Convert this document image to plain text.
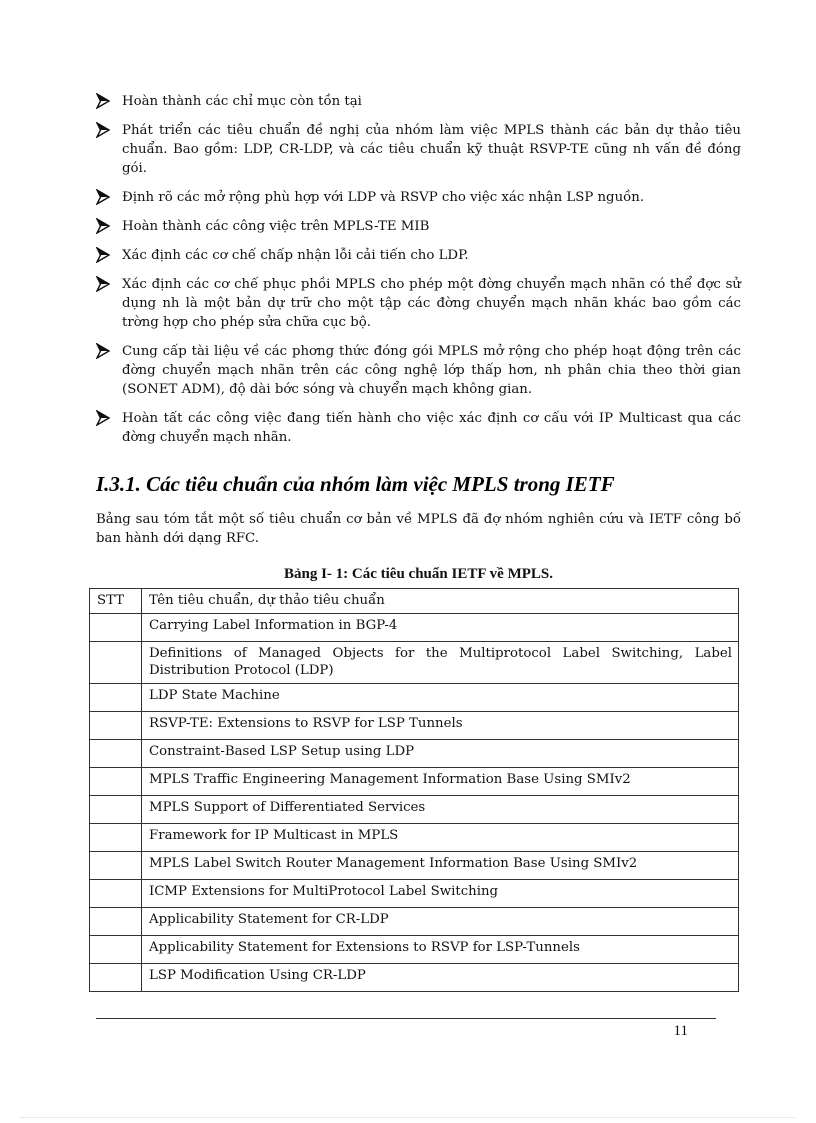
Hoàn thành các chỉ mục còn tồn tại
Phát triển các tiêu chuẩn đề nghị của nhóm làm việc MPLS thành các bản dự thảo tiêu chuẩn. Bao gồm: LDP, CR-LDP, và các tiêu chuẩn kỹ thuật RSVP-TE cũng nh vấn đề đóng gói.
Định rõ các mở rộng phù hợp với LDP và RSVP cho việc xác nhận LSP nguồn.
Hoàn thành các công việc trên MPLS-TE MIB
Xác định các cơ chế chấp nhận lỗi cải tiến cho LDP.
Xác định các cơ chế phục phồi MPLS cho phép một đờng chuyển mạch nhãn có thể đợc sử dụng nh là một bản dự trữ cho một tập các đờng chuyển mạch nhãn khác bao gồm các trờng hợp cho phép sửa chữa cục bộ.
Cung cấp tài liệu về các phơng thức đóng gói MPLS mở rộng cho phép hoạt động trên các đờng chuyển mạch nhãn trên các công nghệ lớp thấp hơn, nh phân chia theo thời gian (SONET ADM), độ dài bớc sóng và chuyển mạch không gian.
Hoàn tất các công việc đang tiến hành cho việc xác định cơ cấu với IP Multicast qua các đờng chuyển mạch nhãn.
I.3.1. Các tiêu chuẩn của nhóm làm việc MPLS trong IETF

Bảng sau tóm tắt một số tiêu chuẩn cơ bản về MPLS đã đợ nhóm nghiên cứu và IETF công bố ban hành dới dạng RFC.

Bảng I- 1: Các tiêu chuẩn IETF về MPLS.

STT	Tên tiêu chuẩn, dự thảo tiêu chuẩn
	Carrying Label Information in BGP-4
	Definitions of Managed Objects for the Multiprotocol Label Switching, Label Distribution Protocol (LDP)
	LDP State Machine
	RSVP-TE: Extensions to RSVP for LSP Tunnels
	Constraint-Based LSP Setup using LDP
	MPLS Traffic Engineering Management Information Base Using SMIv2
	MPLS Support of Differentiated Services
	Framework for IP Multicast in MPLS
	MPLS Label Switch Router Management Information Base Using SMIv2
	ICMP Extensions for MultiProtocol Label Switching
	Applicability Statement for CR-LDP
	Applicability Statement for Extensions to RSVP for LSP-Tunnels
	LSP Modification Using CR-LDP
11
